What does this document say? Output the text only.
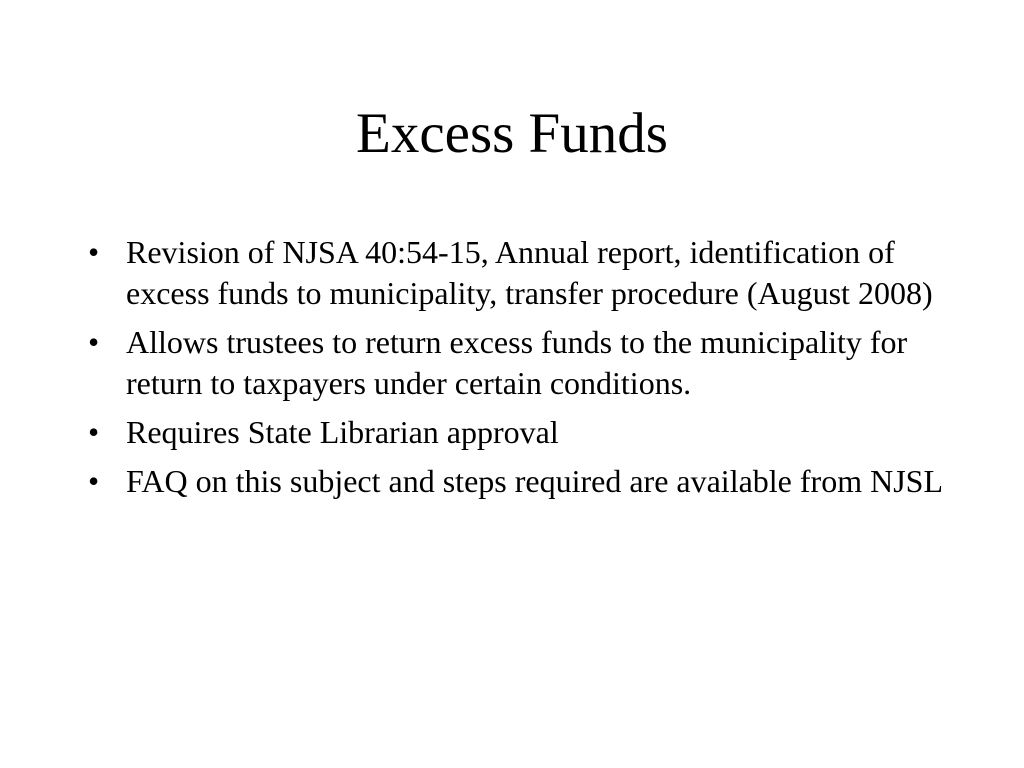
Excess Funds
• Revision of NJSA 40:54-15, Annual report, identification of excess funds to municipality, transfer procedure (August 2008)
• Allows trustees to return excess funds to the municipality for return to taxpayers under certain conditions.
• Requires State Librarian approval
• FAQ on this subject and steps required are available from NJSL
